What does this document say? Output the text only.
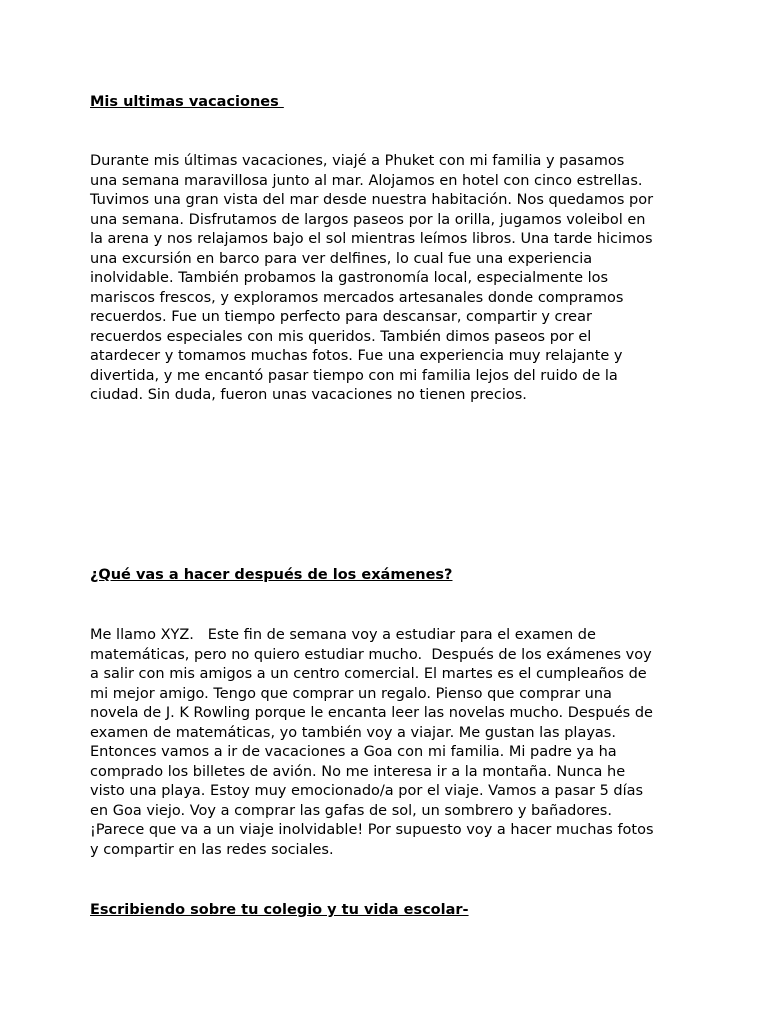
Mis ultimas vacaciones
Durante mis últimas vacaciones, viajé a Phuket con mi familia y pasamos
una semana maravillosa junto al mar. Alojamos en hotel con cinco estrellas.
Tuvimos una gran vista del mar desde nuestra habitación. Nos quedamos por
una semana. Disfrutamos de largos paseos por la orilla, jugamos voleibol en
la arena y nos relajamos bajo el sol mientras leímos libros. Una tarde hicimos
una excursión en barco para ver delfines, lo cual fue una experiencia
inolvidable. También probamos la gastronomía local, especialmente los
mariscos frescos, y exploramos mercados artesanales donde compramos
recuerdos. Fue un tiempo perfecto para descansar, compartir y crear
recuerdos especiales con mis queridos. También dimos paseos por el
atardecer y tomamos muchas fotos. Fue una experiencia muy relajante y
divertida, y me encantó pasar tiempo con mi familia lejos del ruido de la
ciudad. Sin duda, fueron unas vacaciones no tienen precios.
¿Qué vas a hacer después de los exámenes?
Me llamo XYZ.   Este fin de semana voy a estudiar para el examen de
matemáticas, pero no quiero estudiar mucho.  Después de los exámenes voy
a salir con mis amigos a un centro comercial. El martes es el cumpleaños de
mi mejor amigo. Tengo que comprar un regalo. Pienso que comprar una
novela de J. K Rowling porque le encanta leer las novelas mucho. Después de
examen de matemáticas, yo también voy a viajar. Me gustan las playas.
Entonces vamos a ir de vacaciones a Goa con mi familia. Mi padre ya ha
comprado los billetes de avión. No me interesa ir a la montaña. Nunca he
visto una playa. Estoy muy emocionado/a por el viaje. Vamos a pasar 5 días
en Goa viejo. Voy a comprar las gafas de sol, un sombrero y bañadores.
¡Parece que va a un viaje inolvidable! Por supuesto voy a hacer muchas fotos
y compartir en las redes sociales.
Escribiendo sobre tu colegio y tu vida escolar-
